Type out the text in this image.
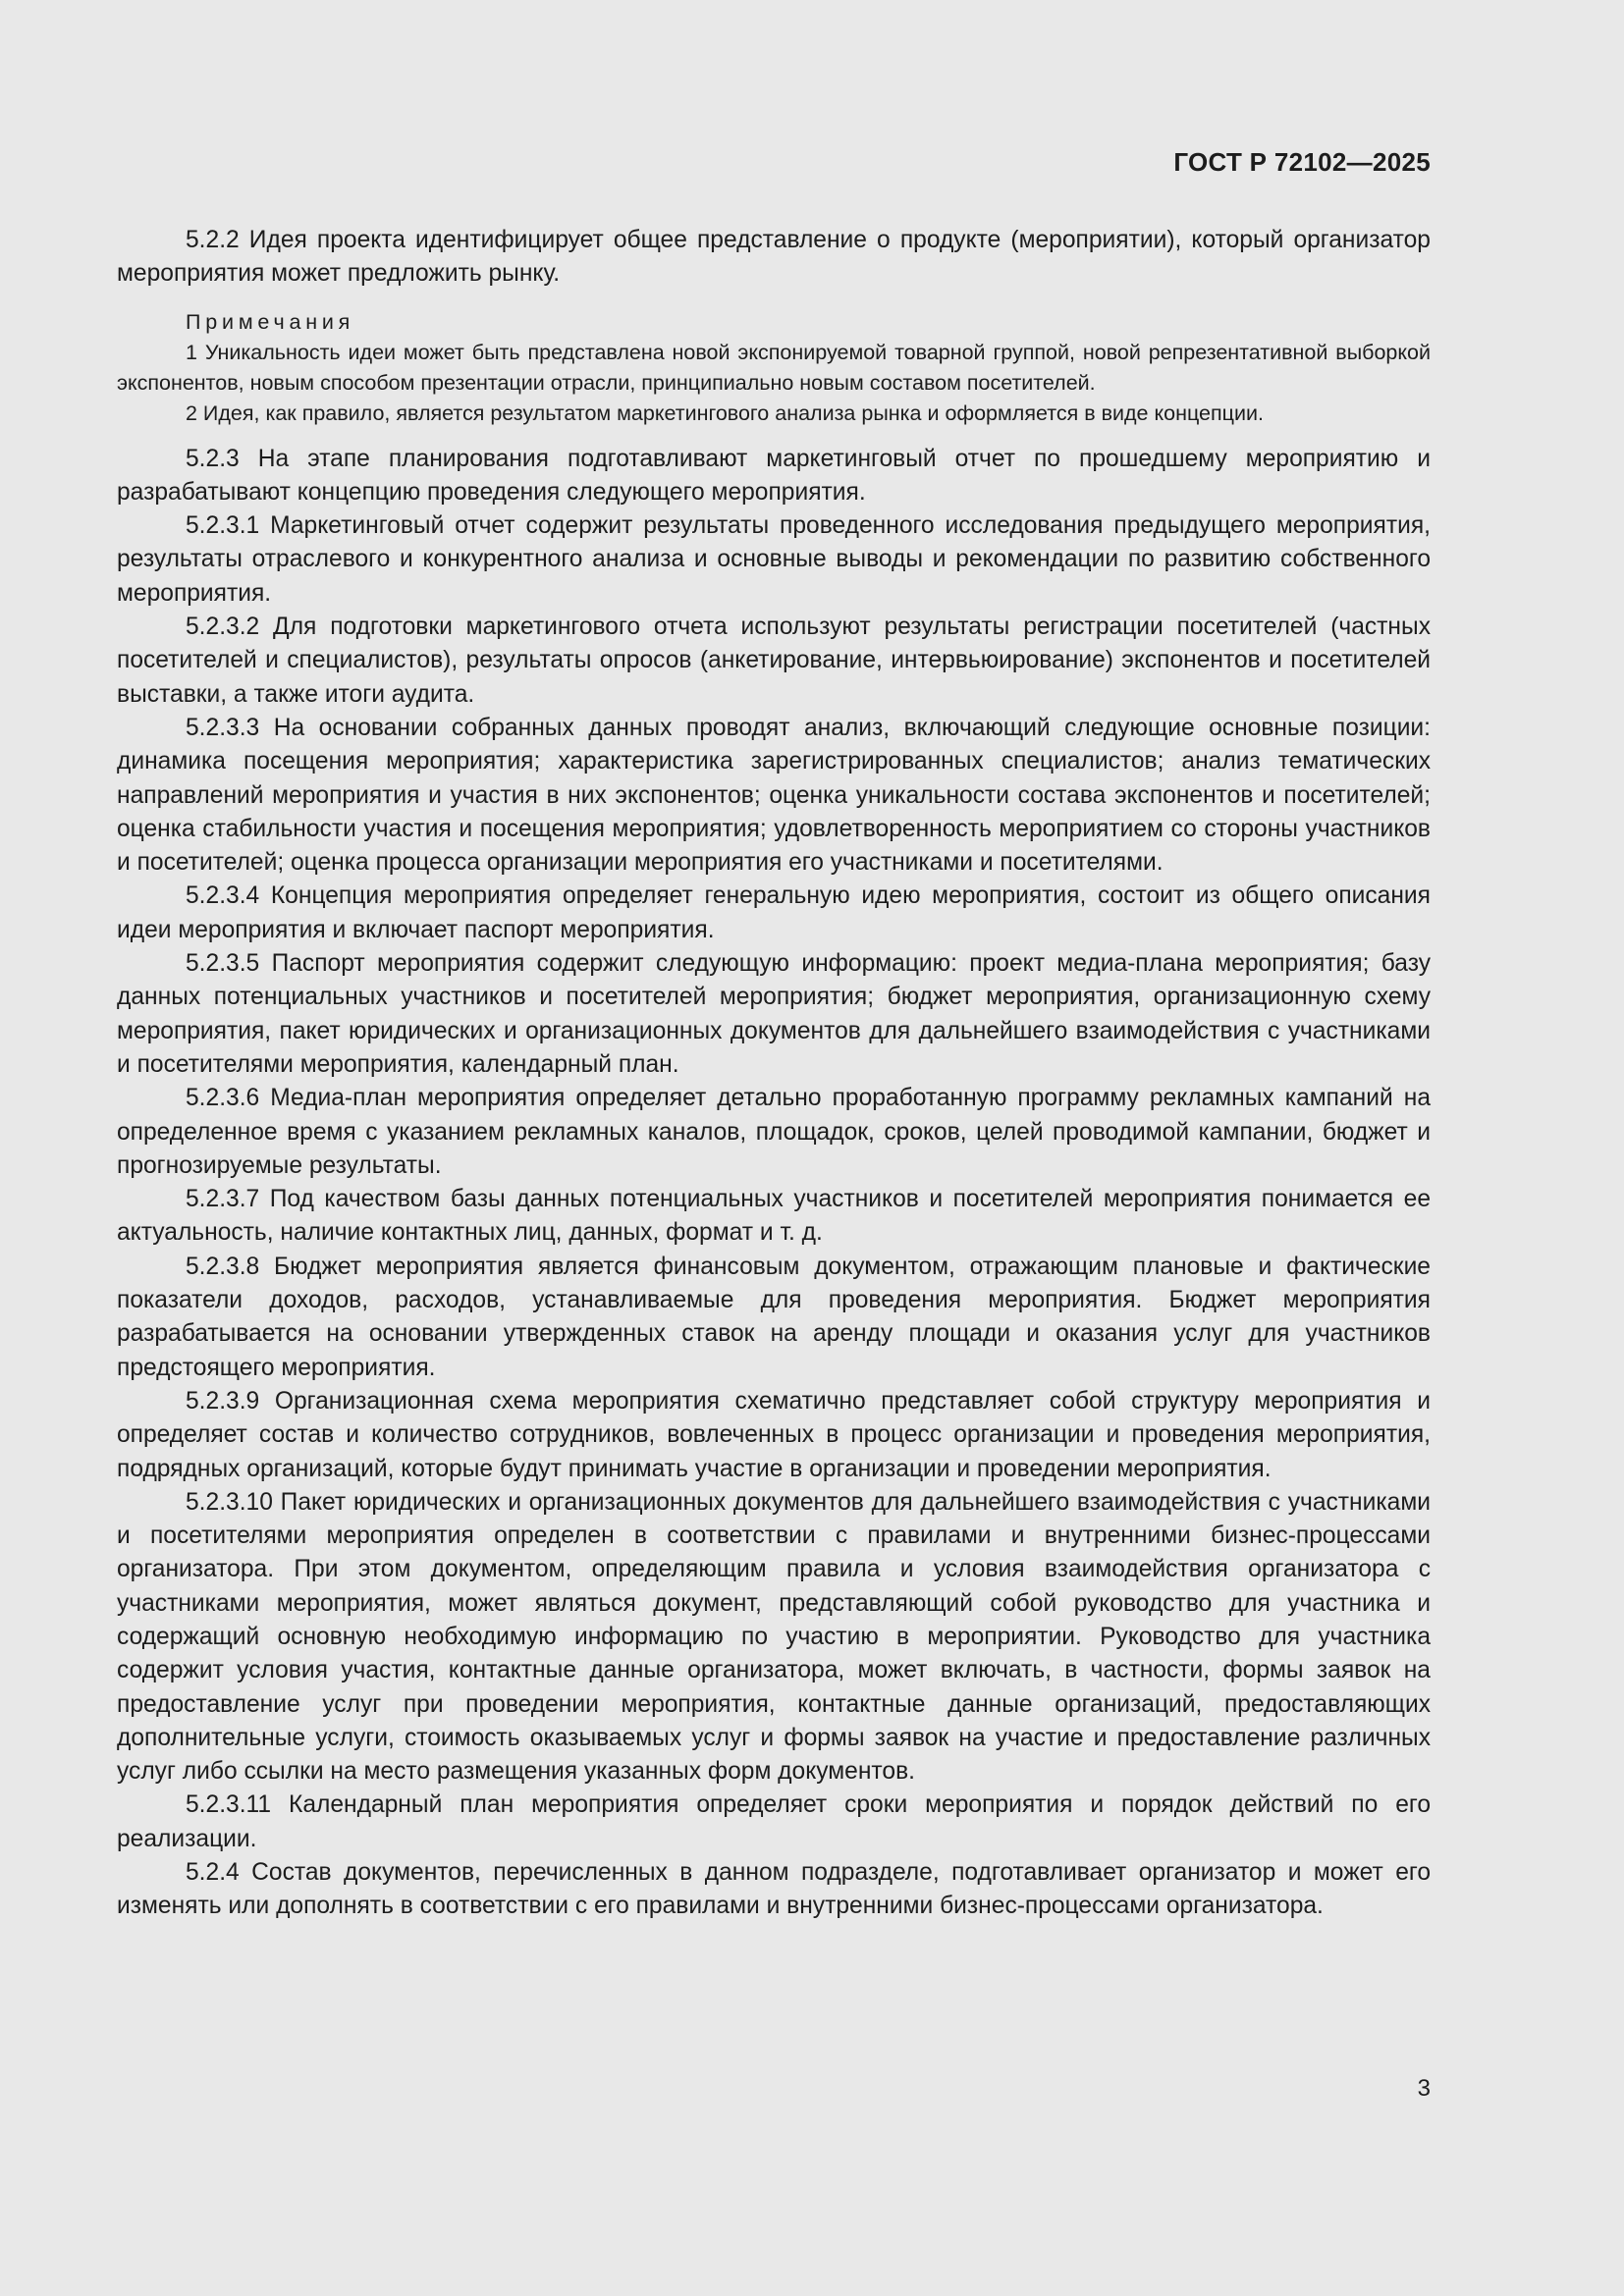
ГОСТ Р 72102—2025

5.2.2 Идея проекта идентифицирует общее представление о продукте (мероприятии), который организатор мероприятия может предложить рынку.

Примечания

1 Уникальность идеи может быть представлена новой экспонируемой товарной группой, новой репрезентативной выборкой экспонентов, новым способом презентации отрасли, принципиально новым составом посетителей.

2 Идея, как правило, является результатом маркетингового анализа рынка и оформляется в виде концепции.

5.2.3 На этапе планирования подготавливают маркетинговый отчет по прошедшему мероприятию и разрабатывают концепцию проведения следующего мероприятия.

5.2.3.1 Маркетинговый отчет содержит результаты проведенного исследования предыдущего мероприятия, результаты отраслевого и конкурентного анализа и основные выводы и рекомендации по развитию собственного мероприятия.

5.2.3.2 Для подготовки маркетингового отчета используют результаты регистрации посетителей (частных посетителей и специалистов), результаты опросов (анкетирование, интервьюирование) экспонентов и посетителей выставки, а также итоги аудита.

5.2.3.3 На основании собранных данных проводят анализ, включающий следующие основные позиции: динамика посещения мероприятия; характеристика зарегистрированных специалистов; анализ тематических направлений мероприятия и участия в них экспонентов; оценка уникальности состава экспонентов и посетителей; оценка стабильности участия и посещения мероприятия; удовлетворенность мероприятием со стороны участников и посетителей; оценка процесса организации мероприятия его участниками и посетителями.

5.2.3.4 Концепция мероприятия определяет генеральную идею мероприятия, состоит из общего описания идеи мероприятия и включает паспорт мероприятия.

5.2.3.5 Паспорт мероприятия содержит следующую информацию: проект медиа-плана мероприятия; базу данных потенциальных участников и посетителей мероприятия; бюджет мероприятия, организационную схему мероприятия, пакет юридических и организационных документов для дальнейшего взаимодействия с участниками и посетителями мероприятия, календарный план.

5.2.3.6 Медиа-план мероприятия определяет детально проработанную программу рекламных кампаний на определенное время с указанием рекламных каналов, площадок, сроков, целей проводимой кампании, бюджет и прогнозируемые результаты.

5.2.3.7 Под качеством базы данных потенциальных участников и посетителей мероприятия понимается ее актуальность, наличие контактных лиц, данных, формат и т. д.

5.2.3.8 Бюджет мероприятия является финансовым документом, отражающим плановые и фактические показатели доходов, расходов, устанавливаемые для проведения мероприятия. Бюджет мероприятия разрабатывается на основании утвержденных ставок на аренду площади и оказания услуг для участников предстоящего мероприятия.

5.2.3.9 Организационная схема мероприятия схематично представляет собой структуру мероприятия и определяет состав и количество сотрудников, вовлеченных в процесс организации и проведения мероприятия, подрядных организаций, которые будут принимать участие в организации и проведении мероприятия.

5.2.3.10 Пакет юридических и организационных документов для дальнейшего взаимодействия с участниками и посетителями мероприятия определен в соответствии с правилами и внутренними бизнес-процессами организатора. При этом документом, определяющим правила и условия взаимодействия организатора с участниками мероприятия, может являться документ, представляющий собой руководство для участника и содержащий основную необходимую информацию по участию в мероприятии. Руководство для участника содержит условия участия, контактные данные организатора, может включать, в частности, формы заявок на предоставление услуг при проведении мероприятия, контактные данные организаций, предоставляющих дополнительные услуги, стоимость оказываемых услуг и формы заявок на участие и предоставление различных услуг либо ссылки на место размещения указанных форм документов.

5.2.3.11 Календарный план мероприятия определяет сроки мероприятия и порядок действий по его реализации.

5.2.4 Состав документов, перечисленных в данном подразделе, подготавливает организатор и может его изменять или дополнять в соответствии с его правилами и внутренними бизнес-процессами организатора.

3
